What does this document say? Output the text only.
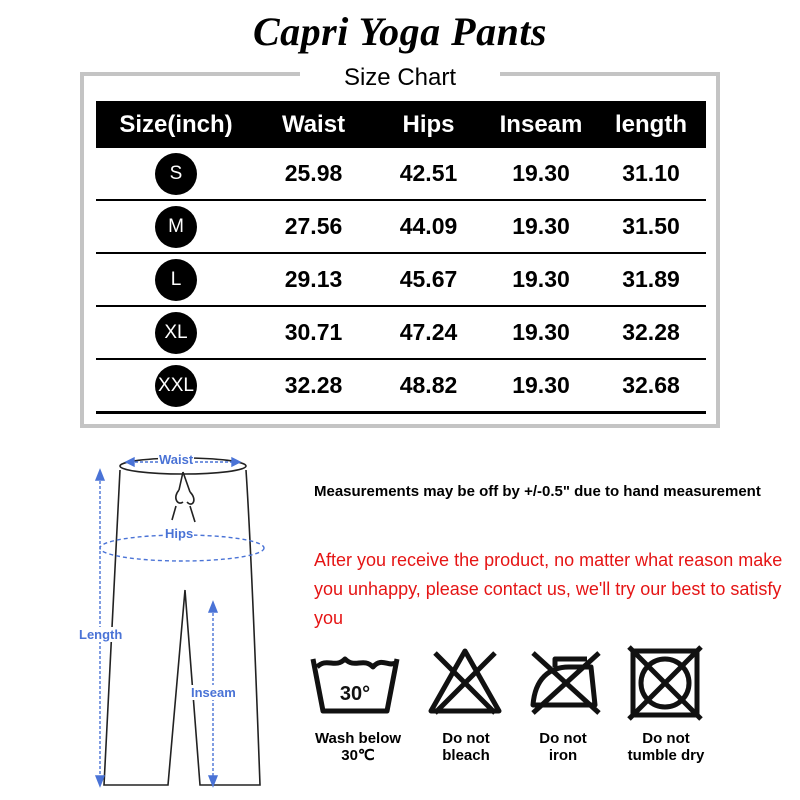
Capri Yoga Pants
Size Chart
Size(inch)	Waist	Hips	Inseam	length
S	25.98	42.51	19.30	31.10
M	27.56	44.09	19.30	31.50
L	29.13	45.67	19.30	31.89
XL	30.71	47.24	19.30	32.28
XXL	32.28	48.82	19.30	32.68
Waist
Hips
Length
Inseam
Measurements may be off by +/-0.5" due to hand measurement
After you receive the product, no matter what reason make you unhappy, please contact us, we'll try our best to satisfy you
30°
Wash below
30℃
Do not
bleach
Do not
iron
Do not
tumble dry
